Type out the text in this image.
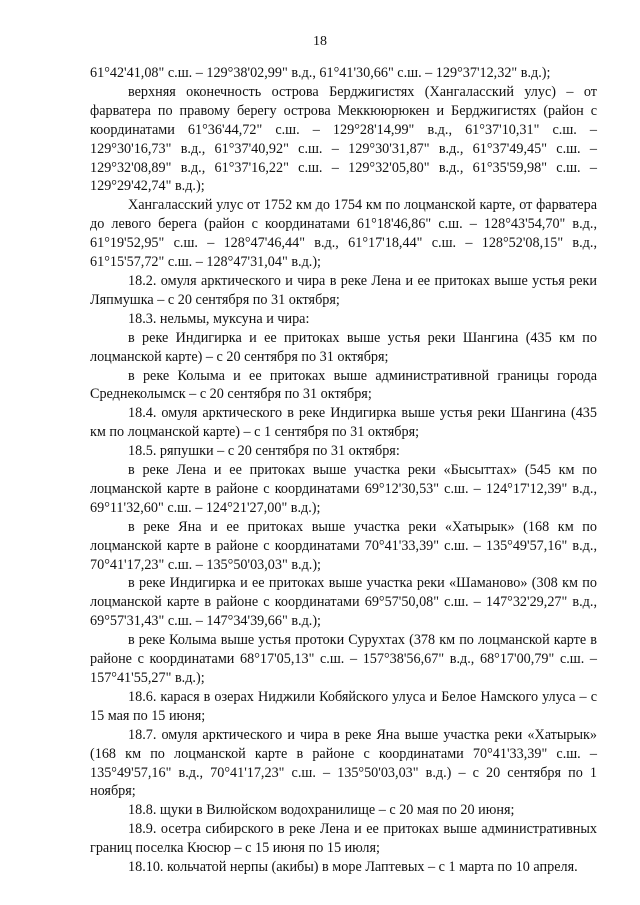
18

61°42'41,08" с.ш. – 129°38'02,99" в.д., 61°41'30,66" с.ш. – 129°37'12,32" в.д.);

верхняя оконечность острова Берджигистях (Хангаласский улус) – от фарватера по правому берегу острова Меккююрюкен и Берджигистях (район с координатами 61°36'44,72" с.ш. – 129°28'14,99" в.д., 61°37'10,31" с.ш. – 129°30'16,73" в.д., 61°37'40,92" с.ш. – 129°30'31,87" в.д., 61°37'49,45" с.ш. – 129°32'08,89" в.д., 61°37'16,22" с.ш. – 129°32'05,80" в.д., 61°35'59,98" с.ш. – 129°29'42,74" в.д.);

Хангаласский улус от 1752 км до 1754 км по лоцманской карте, от фарватера до левого берега (район с координатами 61°18'46,86" с.ш. – 128°43'54,70" в.д., 61°19'52,95" с.ш. – 128°47'46,44" в.д., 61°17'18,44" с.ш. – 128°52'08,15" в.д., 61°15'57,72" с.ш. – 128°47'31,04" в.д.);

18.2. омуля арктического и чира в реке Лена и ее притоках выше устья реки Ляпмушка – с 20 сентября по 31 октября;

18.3. нельмы, муксуна и чира:

в реке Индигирка и ее притоках выше устья реки Шангина (435 км по лоцманской карте) – с 20 сентября по 31 октября;

в реке Колыма и ее притоках выше административной границы города Среднеколымск – с 20 сентября по 31 октября;

18.4. омуля арктического в реке Индигирка выше устья реки Шангина (435 км по лоцманской карте) – с 1 сентября по 31 октября;

18.5. ряпушки – с 20 сентября по 31 октября:

в реке Лена и ее притоках выше участка реки «Бысыттах» (545 км по лоцманской карте в районе с координатами 69°12'30,53" с.ш. – 124°17'12,39" в.д., 69°11'32,60" с.ш. – 124°21'27,00" в.д.);

в реке Яна и ее притоках выше участка реки «Хатырык» (168 км по лоцманской карте в районе с координатами 70°41'33,39" с.ш. – 135°49'57,16" в.д., 70°41'17,23" с.ш. – 135°50'03,03" в.д.);

в реке Индигирка и ее притоках выше участка реки «Шаманово» (308 км по лоцманской карте в районе с координатами 69°57'50,08" с.ш. – 147°32'29,27" в.д., 69°57'31,43" с.ш. – 147°34'39,66" в.д.);

в реке Колыма выше устья протоки Сурухтах (378 км по лоцманской карте в районе с координатами 68°17'05,13" с.ш. – 157°38'56,67" в.д., 68°17'00,79" с.ш. – 157°41'55,27" в.д.);

18.6. карася в озерах Ниджили Кобяйского улуса и Белое Намского улуса – с 15 мая по 15 июня;

18.7. омуля арктического и чира в реке Яна выше участка реки «Хатырык» (168 км по лоцманской карте в районе с координатами 70°41'33,39" с.ш. – 135°49'57,16" в.д., 70°41'17,23" с.ш. – 135°50'03,03" в.д.) – с 20 сентября по 1 ноября;

18.8. щуки в Вилюйском водохранилище – с 20 мая по 20 июня;

18.9. осетра сибирского в реке Лена и ее притоках выше административных границ поселка Кюсюр – с 15 июня по 15 июля;

18.10. кольчатой нерпы (акибы) в море Лаптевых – с 1 марта по 10 апреля.
